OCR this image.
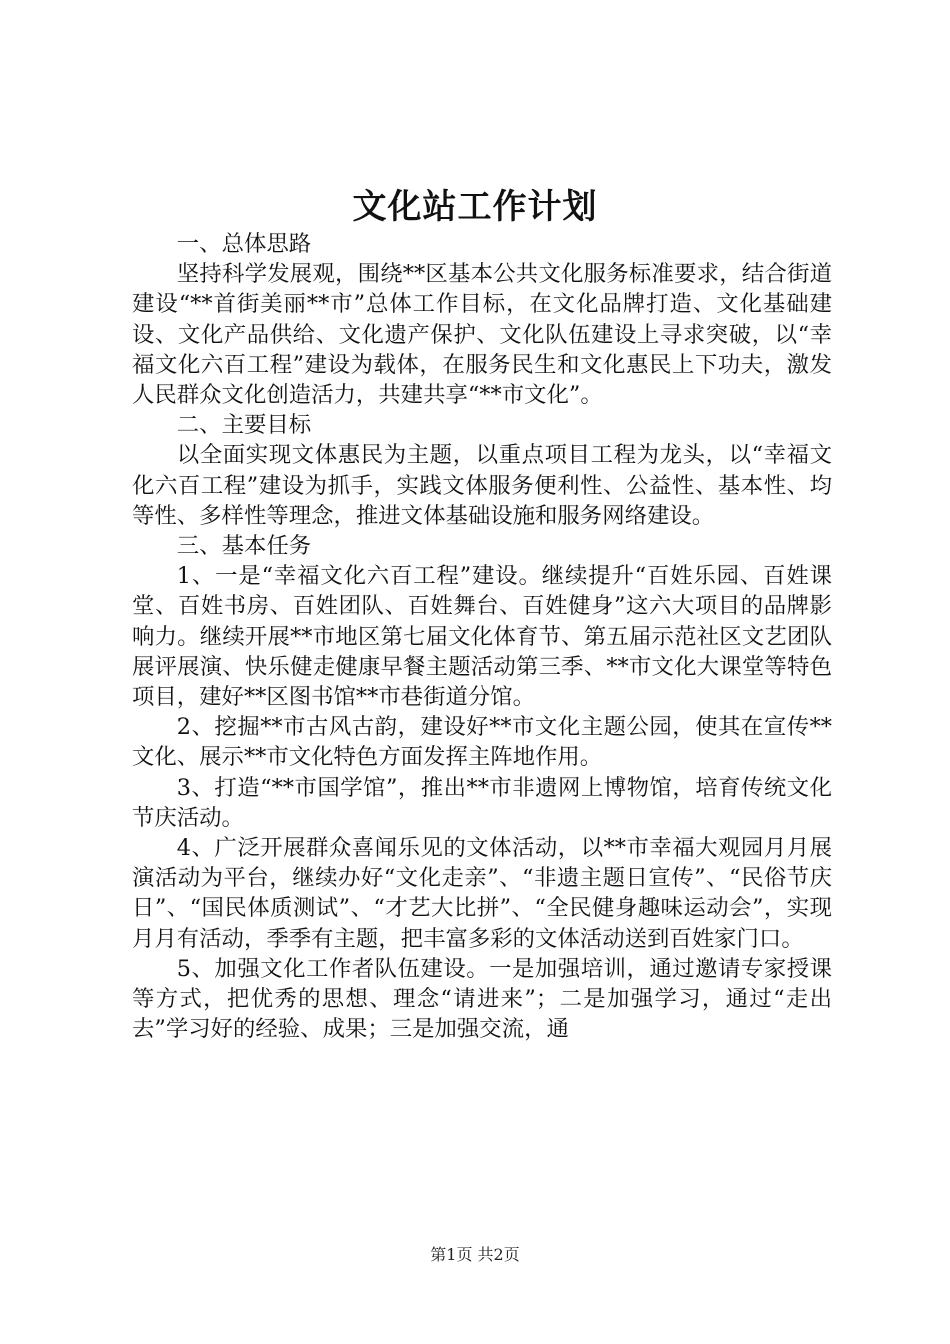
文化站工作计划

一、总体思路

坚持科学发展观，围绕**区基本公共文化服务标准要求，结合街道建设“**首街美丽**市”总体工作目标，在文化品牌打造、文化基础建设、文化产品供给、文化遗产保护、文化队伍建设上寻求突破，以“幸福文化六百工程”建设为载体，在服务民生和文化惠民上下功夫，激发人民群众文化创造活力，共建共享“**市文化”。

二、主要目标

以全面实现文体惠民为主题，以重点项目工程为龙头，以“幸福文化六百工程”建设为抓手，实践文体服务便利性、公益性、基本性、均等性、多样性等理念，推进文体基础设施和服务网络建设。

三、基本任务

1、一是“幸福文化六百工程”建设。继续提升“百姓乐园、百姓课堂、百姓书房、百姓团队、百姓舞台、百姓健身”这六大项目的品牌影响力。继续开展**市地区第七届文化体育节、第五届示范社区文艺团队展评展演、快乐健走健康早餐主题活动第三季、**市文化大课堂等特色项目，建好**区图书馆**市巷街道分馆。

2、挖掘**市古风古韵，建设好**市文化主题公园，使其在宣传**文化、展示**市文化特色方面发挥主阵地作用。

3、打造“**市国学馆”，推出**市非遗网上博物馆，培育传统文化节庆活动。

4、广泛开展群众喜闻乐见的文体活动，以**市幸福大观园月月展演活动为平台，继续办好“文化走亲”、“非遗主题日宣传”、“民俗节庆日”、“国民体质测试”、“才艺大比拼”、“全民健身趣味运动会”，实现月月有活动，季季有主题，把丰富多彩的文体活动送到百姓家门口。

5、加强文化工作者队伍建设。一是加强培训，通过邀请专家授课等方式，把优秀的思想、理念“请进来”；二是加强学习，通过“走出去”学习好的经验、成果；三是加强交流，通

第1页 共2页
